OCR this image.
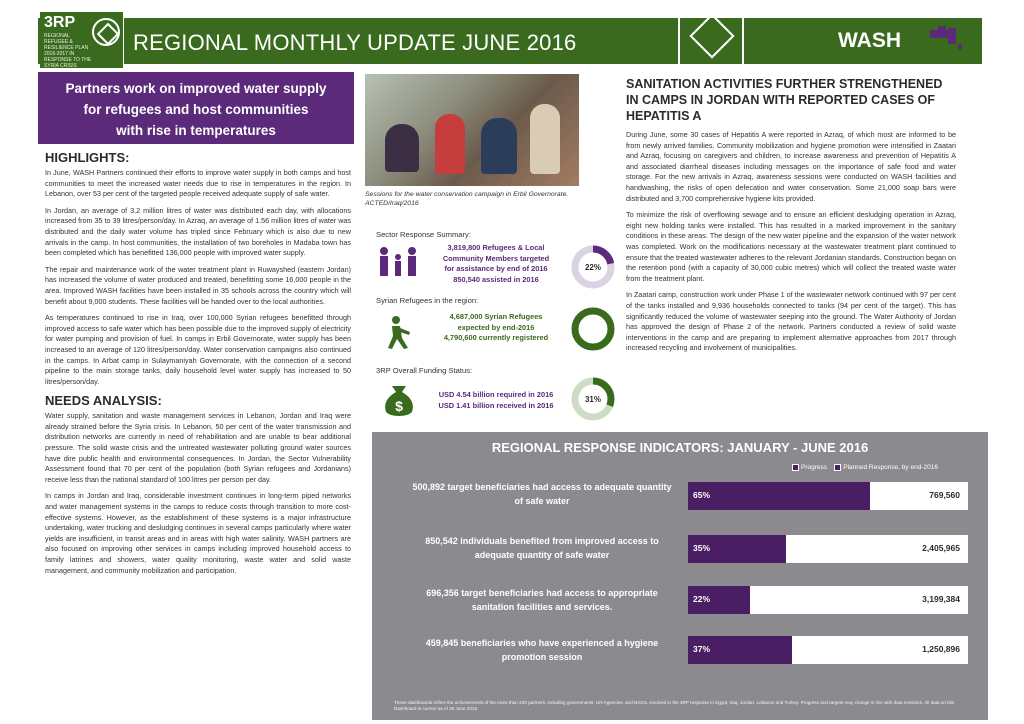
3RP
REGIONAL REFUGEE & RESILIENCE PLAN 2016-2017 IN RESPONSE TO THE SYRIA CRISIS
REGIONAL MONTHLY UPDATE JUNE 2016	WASH
Partners work on improved water supply
for refugees and host communities
with rise in temperatures
HIGHLIGHTS:

In June, WASH Partners continued their efforts to improve water supply in both camps and host communities to meet the increased water needs due to rise in temperatures in the region. In Lebanon, over 53 per cent of the targeted people received adequate supply of safe water.

In Jordan, an average of 3.2 million litres of water was distributed each day, with allocations increased from 35 to 39 litres/person/day. In Azraq, an average of 1.56 million litres of water was distributed and the daily water volume has tripled since February which is also due to new arrivals in the camp. In host communities, the installation of two boreholes in Madaba town has been completed which has benefitted 136,000 people with improved water supply.

The repair and maintenance work of the water treatment plant in Ruwayshed (eastern Jordan) has increased the volume of water produced and treated, benefitting some 16,000 people in the area. Improved WASH facilities have been installed in 35 schools across the country which will benefit about 9,000 students. These facilities will be handed over to the local authorities.

As temperatures continued to rise in Iraq, over 100,000 Syrian refugees benefitted through improved access to safe water which has been possible due to the improved supply of electricity for water pumping and provision of fuel. In camps in Erbil Governorate, water supply has been increased to an average of 120 litres/person/day. Water conservation campaigns also continued in the camps. In Arbat camp in Sulaymaniyah Governorate, with the connection of a second pipeline to the main storage tanks, daily household level water supply has increased to 50 litres/person/day.

NEEDS ANALYSIS:

Water supply, sanitation and waste management services in Lebanon, Jordan and Iraq were already strained before the Syria crisis. In Lebanon, 50 per cent of the water transmission and distribution networks are currently in need of rehabilitation and are unable to bear additional pressure. The solid waste crisis and the untreated wastewater polluting ground water sources have dire public health and environmental consequences. In Jordan, the Sector Vulnerability Assessment found that 70 per cent of the population (both Syrian refugees and Jordanians) receive less than the national standard of 100 litres per person per day.

In camps in Jordan and Iraq, considerable investment continues in long-term piped networks and water management systems in the camps to reduce costs through transition to more cost-effective systems. However, as the establishment of these systems is a major infrastructure undertaking, water trucking and desludging continues in several camps particularly where water yields are insufficient, in transit areas and in areas with high water salinity. WASH partners are also focused on improving other services in camps including improved household access to family latrines and showers, water quality monitoring, waste water and solid waste management, and community mobilization and participation.

Sessions for the water conservation campaign in Erbil Governorate. ACTED/Iraq/2016
Sector Response Summary:
3,819,800 Refugees & Local
Community Members targeted
for assistance by end of 2016
850,540 assisted in 2016
22%
Syrian Refugees in the region:
4,687,000 Syrian Refugees
expected by end-2016
4,790,600 currently registered
102%
3RP Overall Funding Status:
$
USD 4.54 billion required in 2016
USD 1.41 billion received in 2016
31%
SANITATION ACTIVITIES FURTHER STRENGTHENED IN CAMPS IN JORDAN WITH REPORTED CASES OF HEPATITIS A

During June, some 30 cases of Hepatitis A were reported in Azraq, of which most are informed to be from newly arrived families. Community mobilization and hygiene promotion were intensified in Zaatari and Azraq, focusing on caregivers and children, to increase awareness and prevention of Hepatitis A and associated diarrheal diseases including messages on the importance of safe food and water storage. For the new arrivals in Azraq, awareness sessions were conducted on WASH facilities and handwashing, the risks of open defecation and water conservation. Some 21,000 soap bars were distributed and 3,700 comprehensive hygiene kits provided.

To minimize the risk of overflowing sewage and to ensure an efficient desludging operation in Azraq, eight new holding tanks were installed. This has resulted in a marked improvement in the sanitary conditions in these areas. The design of the new water pipeline and the expansion of the water network was completed. Work on the modifications necessary at the wastewater treatment plant continued to ensure that the treated wastewater adheres to the relevant Jordanian standards. Construction began on the retention pond (with a capacity of 30,000 cubic metres) which will collect the treated waste water from the treatment plant.

In Zaatari camp, construction work under Phase 1 of the wastewater network continued with 97 per cent of the tanks installed and 9,936 households connected to tanks (94 per cent of the target). This has significantly reduced the volume of wastewater seeping into the ground. The Water Authority of Jordan has approved the design of Phase 2 of the network. Partners conducted a review of solid waste interventions in the camp and are preparing to implement alternative approaches from 2017 through increased recycling and involvement of municipalities.

REGIONAL RESPONSE INDICATORS: JANUARY - JUNE 2016
Progress Planned Response, by end-2016
500,892 target beneficiaries had access to adequate quantity
of safe water
65%	769,560
850,542 individuals benefited from improved access to
adequate quantity of safe water
35%	2,405,965
696,356 target beneficiaries had access to appropriate
sanitation facilities and services.
22%	3,199,384
459,845 beneficiaries who have experienced a hygiene
promotion session
37%	1,250,896
These dashboards reflect the achievements of the more than 200 partners, including governments, UN Agencies, and NGOs, involved in the 3RP response in Egypt, Iraq, Jordan, Lebanon and Turkey. Progress and targets may change in line with data revisions. All data on this Dashboard is current as of 30 June 2016
